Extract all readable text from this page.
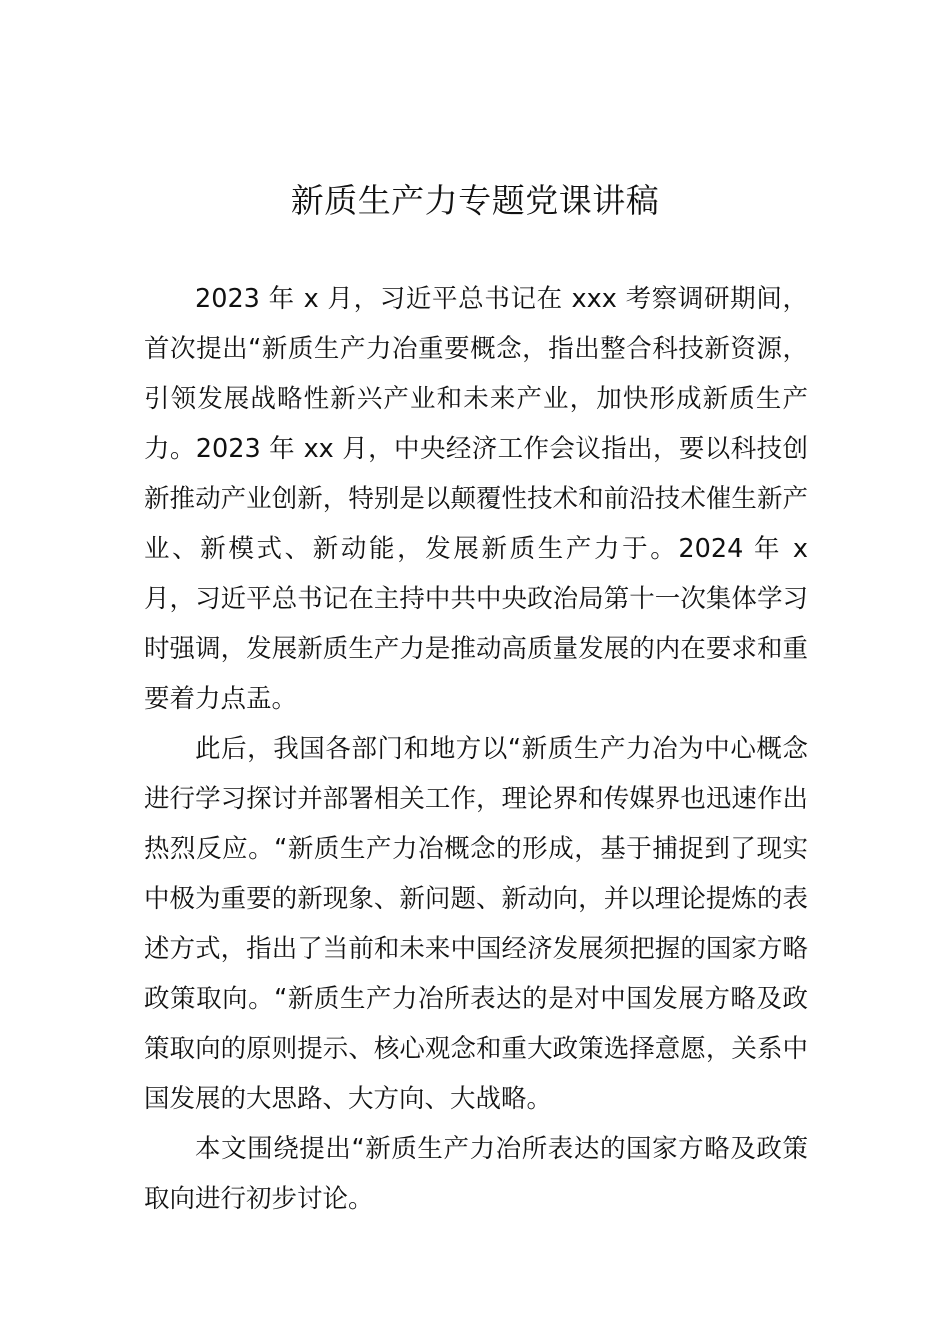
新质生产力专题党课讲稿

2023 年 x 月，习近平总书记在 xxx 考察调研期间，首次提出“新质生产力冶重要概念，指出整合科技新资源，引领发展战略性新兴产业和未来产业，加快形成新质生产力。2023 年 xx 月，中央经济工作会议指出，要以科技创新推动产业创新，特别是以颠覆性技术和前沿技术催生新产业、新模式、新动能，发展新质生产力于。2024 年 x 月，习近平总书记在主持中共中央政治局第十一次集体学习时强调，发展新质生产力是推动高质量发展的内在要求和重要着力点盂。

此后，我国各部门和地方以“新质生产力冶为中心概念进行学习探讨并部署相关工作，理论界和传媒界也迅速作出热烈反应。“新质生产力冶概念的形成，基于捕捉到了现实中极为重要的新现象、新问题、新动向，并以理论提炼的表述方式，指出了当前和未来中国经济发展须把握的国家方略政策取向。“新质生产力冶所表达的是对中国发展方略及政策取向的原则提示、核心观念和重大政策选择意愿，关系中国发展的大思路、大方向、大战略。

本文围绕提出“新质生产力冶所表达的国家方略及政策取向进行初步讨论。
